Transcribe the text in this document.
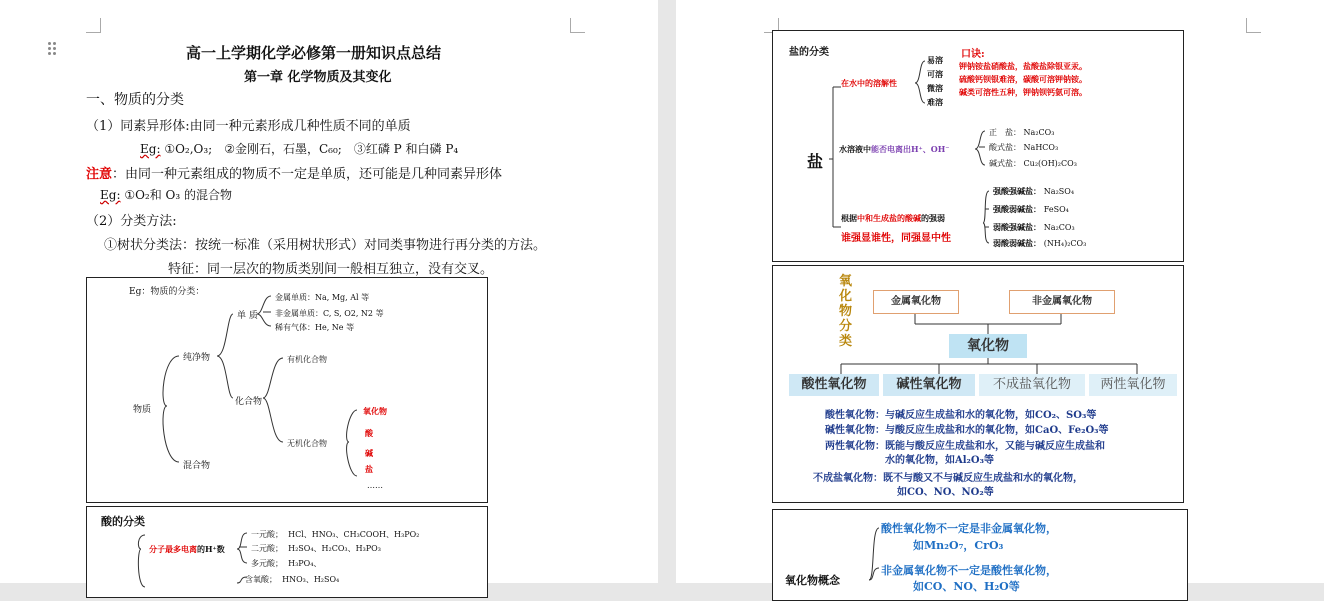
高一上学期化学必修第一册知识点总结
第一章 化学物质及其变化
一、物质的分类
（1）同素异形体:由同一种元素形成几种性质不同的单质
Eg: ①O₂,O₃;　②金刚石，石墨，C₆₀;　③红磷 P 和白磷 P₄
注意：由同一种元素组成的物质不一定是单质，还可能是几种同素异形体
Eg: ①O₂和 O₃ 的混合物
（2）分类方法:
①树状分类法：按统一标准（采用树状形式）对同类事物进行再分类的方法。
特征：同一层次的物质类别间一般相互独立，没有交叉。
Eg：物质的分类：
物质
纯净物
混合物
单 质
化合物
金属单质：Na, Mg, Al 等
非金属单质：C, S, O2, N2 等
稀有气体：He, Ne 等
有机化合物
无机化合物
氧化物
酸
碱
盐
……
酸的分类
分子最多电离的H⁺数
一元酸； HCl、HNO₃、CH₃COOH、H₃PO₂
二元酸； H₂SO₄、H₂CO₃、H₃PO₃
多元酸； H₃PO₄、
含氧酸； HNO₃、H₂SO₄
盐的分类
盐
在水中的溶解性
易溶
可溶
微溶
难溶
口诀:
钾钠铵盐硝酸盐，盐酸盐除银亚汞。
硫酸钙钡银难溶，碳酸可溶钾钠铵。
碱类可溶性五种，钾钠钡钙氨可溶。
水溶液中能否电离出H⁺、OH⁻
正　盐： Na₂CO₃
酸式盐： NaHCO₃
碱式盐： Cu₂(OH)₂CO₃
根据中和生成盐的酸碱的强弱
谁强显谁性，同强显中性
强酸强碱盐： Na₂SO₄
强酸弱碱盐： FeSO₄
弱酸强碱盐： Na₂CO₃
弱酸弱碱盐： (NH₄)₂CO₃
氧
化
物
分
类
金属氧化物	非金属氧化物
氧化物
酸性氧化物	碱性氧化物	不成盐氧化物	两性氧化物
酸性氧化物：与碱反应生成盐和水的氧化物，如CO₂、SO₃等
碱性氧化物：与酸反应生成盐和水的氧化物，如CaO、Fe₂O₃等
两性氧化物：既能与酸反应生成盐和水，又能与碱反应生成盐和
水的氧化物，如Al₂O₃等
不成盐氧化物：既不与酸又不与碱反应生成盐和水的氧化物，
如CO、NO、NO₂等
氧化物概念
酸性氧化物不一定是非金属氧化物，
如Mn₂O₇，CrO₃
非金属氧化物不一定是酸性氧化物，
如CO、NO、H₂O等
